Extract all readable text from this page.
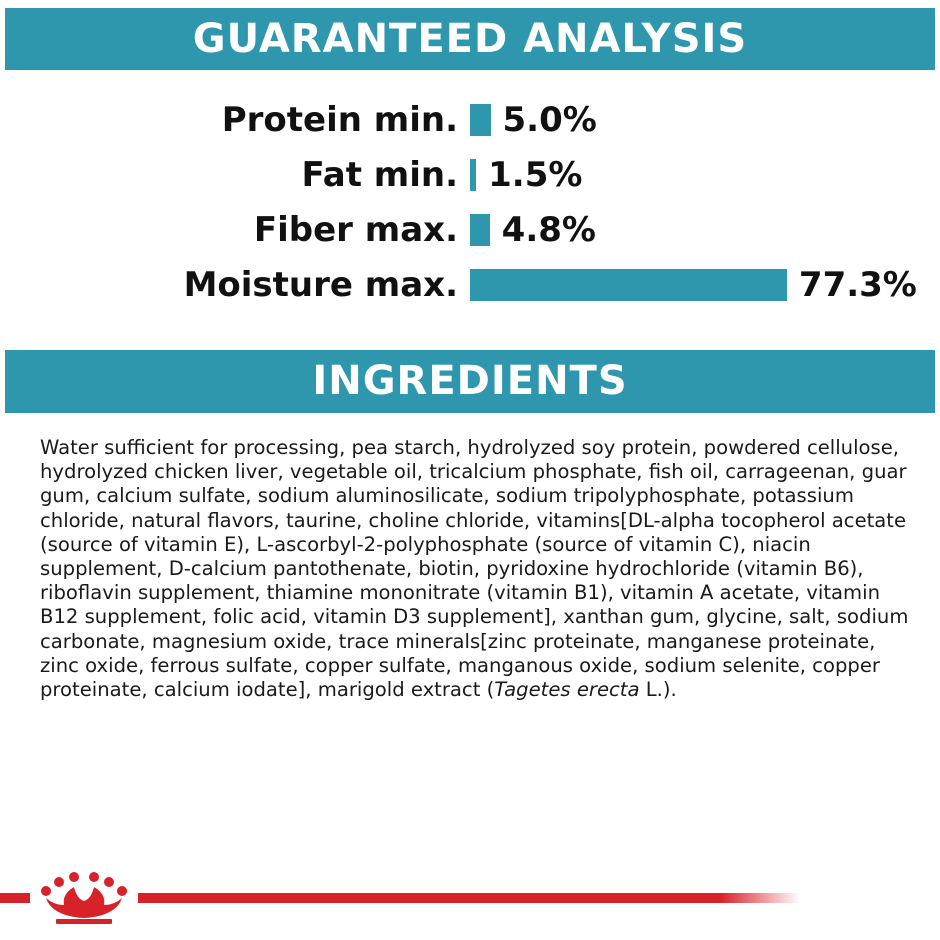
GUARANTEED ANALYSIS
Protein min. 5.0%
Fat min. 1.5%
Fiber max. 4.8%
Moisture max.	77.3%
INGREDIENTS
Water sufficient for processing, pea starch, hydrolyzed soy protein, powdered cellulose, hydrolyzed chicken liver, vegetable oil, tricalcium phosphate, fish oil, carrageenan, guar gum, calcium sulfate, sodium aluminosilicate, sodium tripolyphosphate, potassium chloride, natural flavors, taurine, choline chloride, vitamins[DL-alpha tocopherol acetate (source of vitamin E), L-ascorbyl-2-polyphosphate (source of vitamin C), niacin supplement, D-calcium pantothenate, biotin, pyridoxine hydrochloride (vitamin B6), riboflavin supplement, thiamine mononitrate (vitamin B1), vitamin A acetate, vitamin B12 supplement, folic acid, vitamin D3 supplement], xanthan gum, glycine, salt, sodium carbonate, magnesium oxide, trace minerals[zinc proteinate, manganese proteinate, zinc oxide, ferrous sulfate, copper sulfate, manganous oxide, sodium selenite, copper proteinate, calcium iodate], marigold extract (Tagetes erecta L.).
